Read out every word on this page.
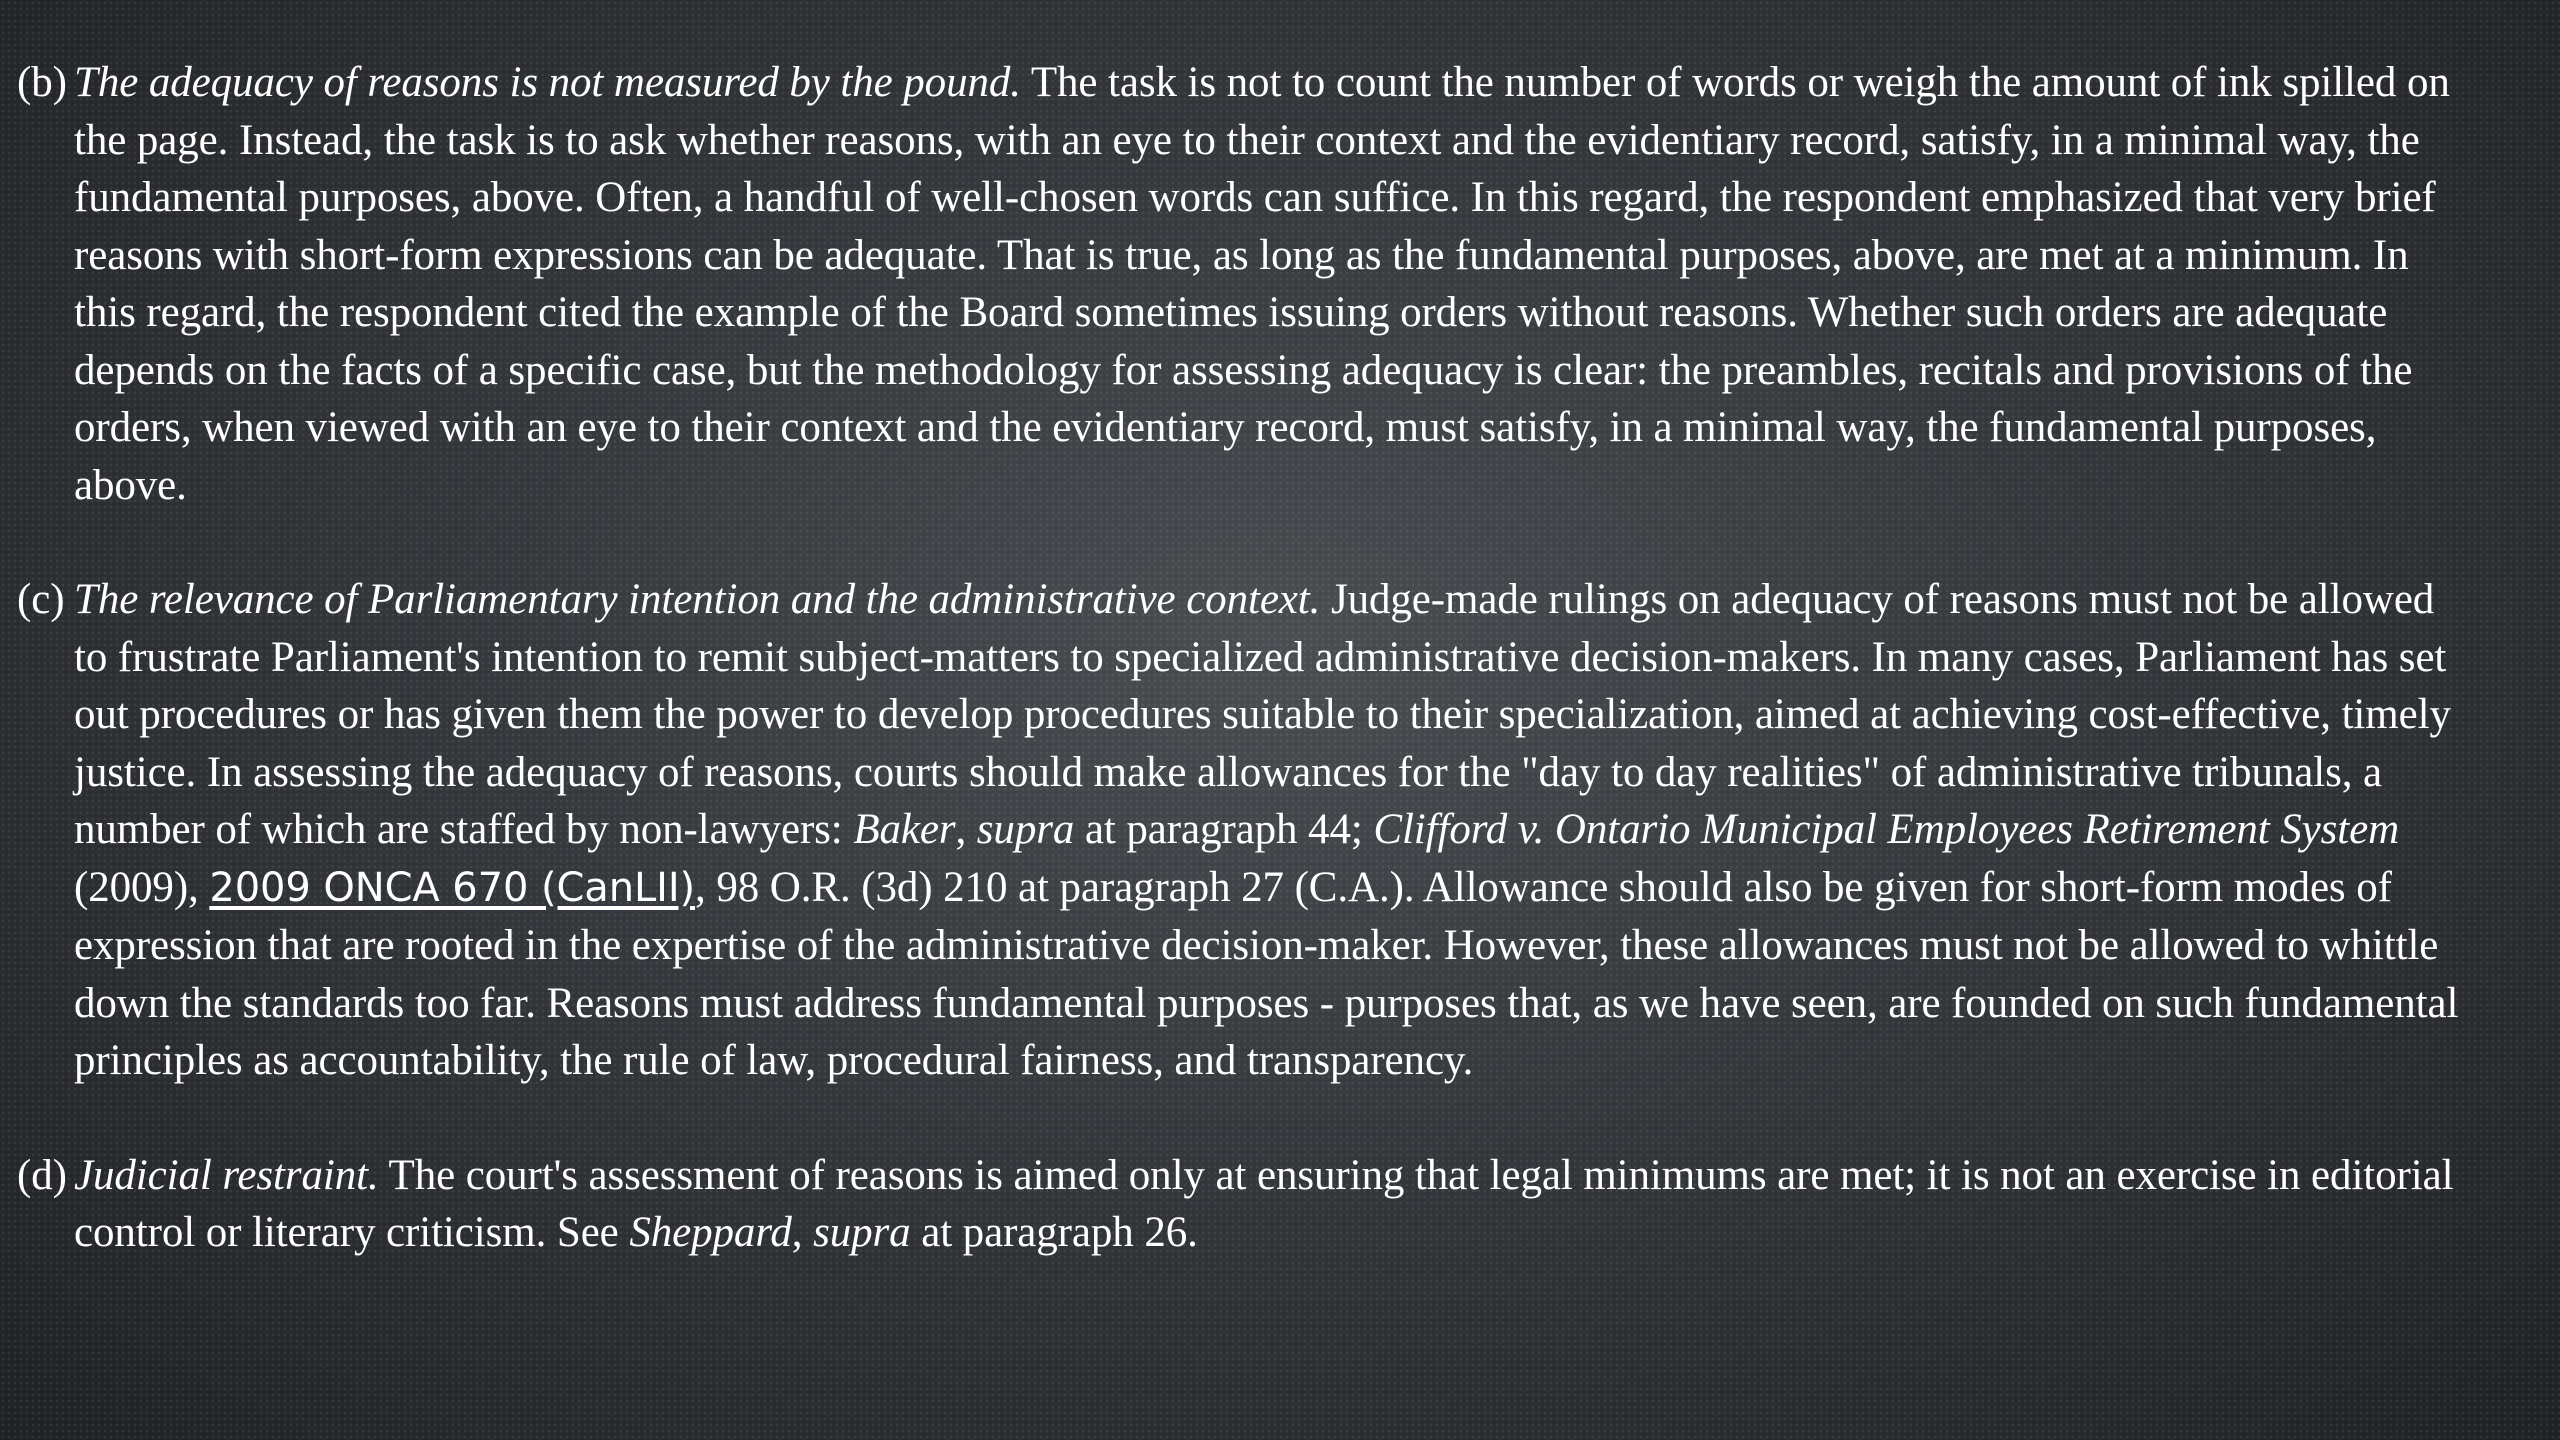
(b) The adequacy of reasons is not measured by the pound. The task is not to count the number of words or weigh the amount of ink spilled on the page. Instead, the task is to ask whether reasons, with an eye to their context and the evidentiary record, satisfy, in a minimal way, the fundamental purposes, above. Often, a handful of well-chosen words can suffice. In this regard, the respondent emphasized that very brief reasons with short-form expressions can be adequate. That is true, as long as the fundamental purposes, above, are met at a minimum. In this regard, the respondent cited the example of the Board sometimes issuing orders without reasons. Whether such orders are adequate depends on the facts of a specific case, but the methodology for assessing adequacy is clear: the preambles, recitals and provisions of the orders, when viewed with an eye to their context and the evidentiary record, must satisfy, in a minimal way, the fundamental purposes, above.

(c) The relevance of Parliamentary intention and the administrative context. Judge-made rulings on adequacy of reasons must not be allowed to frustrate Parliament's intention to remit subject-matters to specialized administrative decision-makers. In many cases, Parliament has set out procedures or has given them the power to develop procedures suitable to their specialization, aimed at achieving cost-effective, timely justice. In assessing the adequacy of reasons, courts should make allowances for the "day to day realities" of administrative tribunals, a number of which are staffed by non-lawyers: Baker, supra at paragraph 44; Clifford v. Ontario Municipal Employees Retirement System (2009), 2009 ONCA 670 (CanLII), 98 O.R. (3d) 210 at paragraph 27 (C.A.). Allowance should also be given for short-form modes of expression that are rooted in the expertise of the administrative decision-maker. However, these allowances must not be allowed to whittle down the standards too far. Reasons must address fundamental purposes - purposes that, as we have seen, are founded on such fundamental principles as accountability, the rule of law, procedural fairness, and transparency.

(d) Judicial restraint. The court's assessment of reasons is aimed only at ensuring that legal minimums are met; it is not an exercise in editorial control or literary criticism. See Sheppard, supra at paragraph 26.
